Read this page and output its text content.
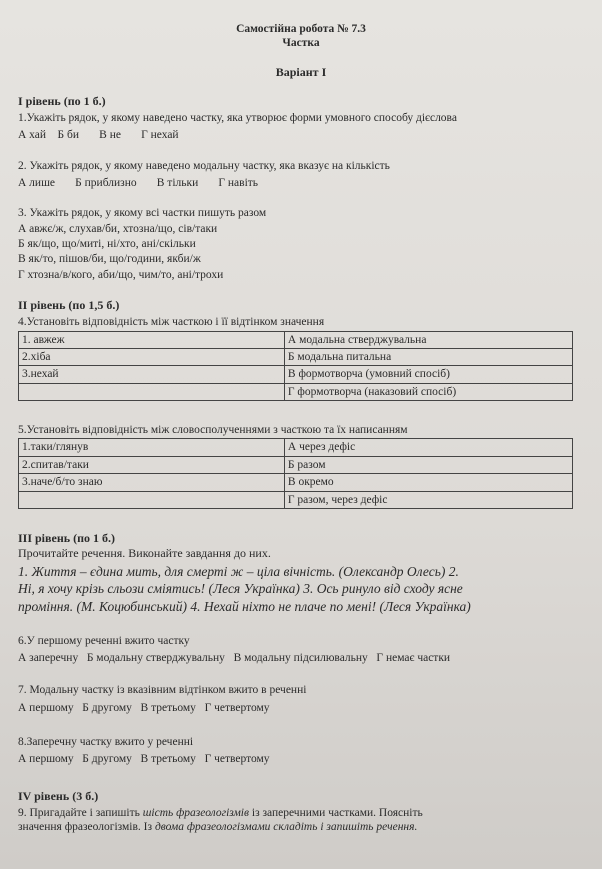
Самостійна робота № 7.3
Частка
Варіант І
І рівень (по 1 б.)
1.Укажіть рядок, у якому наведено частку, яка утворює форми умовного способу дієслова
А хай Б би В не Г нехай
2. Укажіть рядок, у якому наведено модальну частку, яка вказує на кількість
А лише Б приблизно В тільки Г навіть
3. Укажіть рядок, у якому всі частки пишуть разом
А авжє/ж, слухав/би, хтозна/що, сів/таки
Б як/що, що/миті, ні/хто, ані/скільки
В як/то, пішов/би, що/години, якби/ж
Г хтозна/в/кого, аби/що, чим/то, ані/трохи
ІІ рівень (по 1,5 б.)
4.Установіть відповідність між часткою і її відтінком значення
1. авжеж	А модальна стверджувальна
2.хіба	Б модальна питальна
3.нехай	В формотворча (умовний спосіб)
	Г формотворча (наказовий спосіб)
5.Установіть відповідність між словосполученнями з часткою та їх написанням
1.таки/глянув	А через дефіс
2.спитав/таки	Б разом
3.наче/б/то знаю	В окремо
	Г разом, через дефіс
ІІІ рівень (по 1 б.)
Прочитайте речення. Виконайте завдання до них.
1. Життя – єдина мить, для смерті ж – ціла вічність. (Олександр Олесь) 2.
Ні, я хочу крізь сльози сміятись! (Леся Українка) 3. Ось ринуло від сходу ясне
проміння. (М. Коцюбинський) 4. Нехай ніхто не плаче по мені! (Леся Українка)
6.У першому реченні вжито частку
А заперечну Б модальну стверджувальну В модальну підсилювальну Г немає частки
7. Модальну частку із вказівним відтінком вжито в реченні
А першому Б другому В третьому Г четвертому
8.Заперечну частку вжито у реченні
А першому Б другому В третьому Г четвертому
IV рівень (3 б.)
9. Пригадайте і запишіть шість фразеологізмів із заперечними частками. Поясніть
значення фразеологізмів. Із двома фразеологізмами складіть і запишіть речення.
